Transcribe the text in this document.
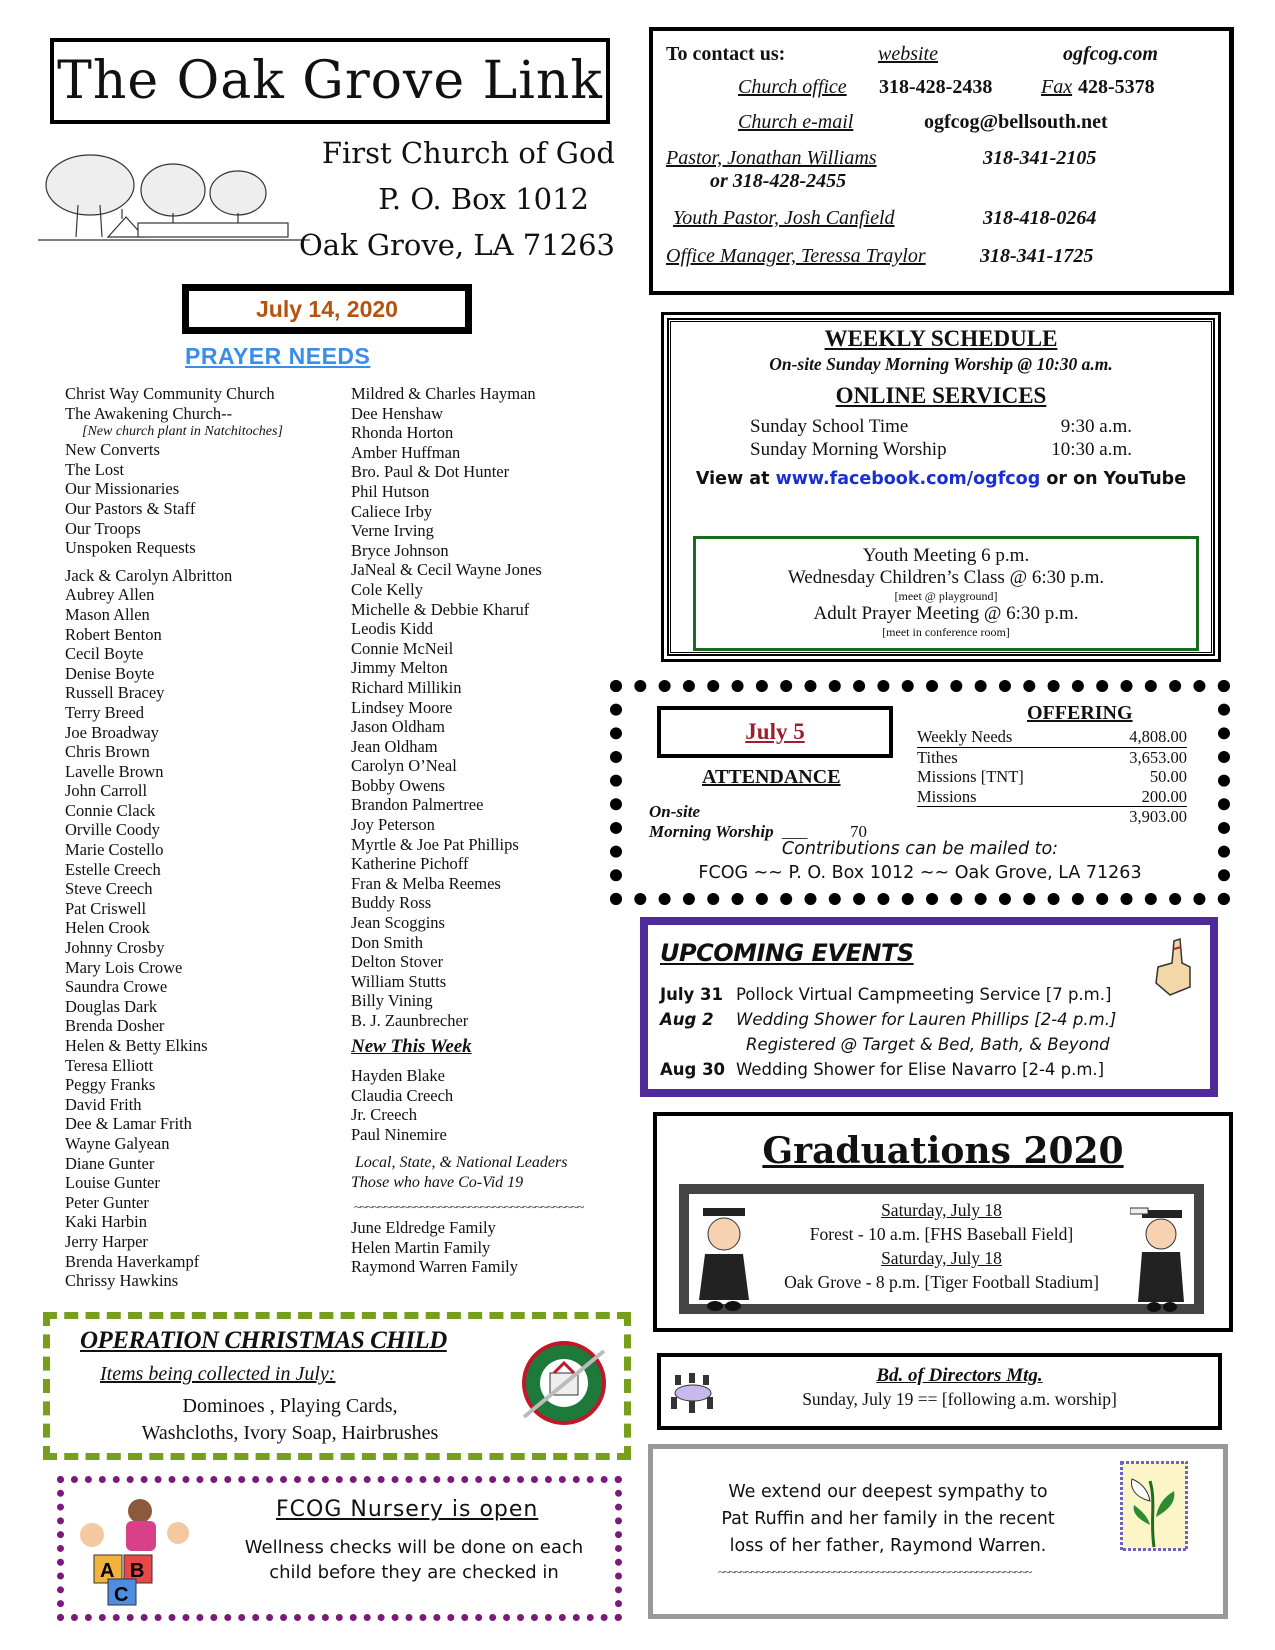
The Oak Grove Link
First Church of God
P. O. Box 1012
Oak Grove, LA 71263
July 14, 2020
PRAYER NEEDS
Christ Way Community Church
The Awakening Church--
[New church plant in Natchitoches]
New Converts
The Lost
Our Missionaries
Our Pastors & Staff
Our Troops
Unspoken Requests
Jack & Carolyn Albritton
Aubrey Allen
Mason Allen
Robert Benton
Cecil Boyte
Denise Boyte
Russell Bracey
Terry Breed
Joe Broadway
Chris Brown
Lavelle Brown
John Carroll
Connie Clack
Orville Coody
Marie Costello
Estelle Creech
Steve Creech
Pat Criswell
Helen Crook
Johnny Crosby
Mary Lois Crowe
Saundra Crowe
Douglas Dark
Brenda Dosher
Helen & Betty Elkins
Teresa Elliott
Peggy Franks
David Frith
Dee & Lamar Frith
Wayne Galyean
Diane Gunter
Louise Gunter
Peter Gunter
Kaki Harbin
Jerry Harper
Brenda Haverkampf
Chrissy Hawkins
Mildred & Charles Hayman
Dee Henshaw
Rhonda Horton
Amber Huffman
Bro. Paul & Dot Hunter
Phil Hutson
Caliece Irby
Verne Irving
Bryce Johnson
JaNeal & Cecil Wayne Jones
Cole Kelly
Michelle & Debbie Kharuf
Leodis Kidd
Connie McNeil
Jimmy Melton
Richard Millikin
Lindsey Moore
Jason Oldham
Jean Oldham
Carolyn O’Neal
Bobby Owens
Brandon Palmertree
Joy Peterson
Myrtle & Joe Pat Phillips
Katherine Pichoff
Fran & Melba Reemes
Buddy Ross
Jean Scoggins
Don Smith
Delton Stover
William Stutts
Billy Vining
B. J. Zaunbrecher
New This Week
Hayden Blake
Claudia Creech
Jr. Creech
Paul Ninemire
Local, State, & National Leaders
Those who have Co-Vid 19
~~~~~~~~~~~~~~~~~~~~~~~~~~~~~~~~~~~~~~
June Eldredge Family
Helen Martin Family
Raymond Warren Family
To contact us:	website	ogfcog.com
Church office 318-428-2438 Fax 428-5378
Church e-mail	ogfcog@bellsouth.net
Pastor, Jonathan Williams	318-341-2105
or 318-428-2455
Youth Pastor, Josh Canfield	318-418-0264
Office Manager, Teressa Traylor	318-341-1725
WEEKLY SCHEDULE
On-site Sunday Morning Worship @ 10:30 a.m.
ONLINE SERVICES
Sunday School Time	9:30 a.m.
Sunday Morning Worship	10:30 a.m.
View at www.facebook.com/ogfcog or on YouTube
Youth Meeting 6 p.m.
Wednesday Children’s Class @ 6:30 p.m.
[meet @ playground]
Adult Prayer Meeting @ 6:30 p.m.
[meet in conference room]
July 5
ATTENDANCE
On-site
Morning Worship ___	70
OFFERING
Weekly Needs	4,808.00
Tithes	3,653.00
Missions [TNT]	50.00
Missions	200.00
3,903.00
Contributions can be mailed to:
FCOG ~~ P. O. Box 1012 ~~ Oak Grove, LA 71263
UPCOMING EVENTS
July 31 Pollock Virtual Campmeeting Service [7 p.m.]
Aug 2 Wedding Shower for Lauren Phillips [2-4 p.m.]
Registered @ Target & Bed, Bath, & Beyond
Aug 30 Wedding Shower for Elise Navarro [2-4 p.m.]
Graduations 2020
Saturday, July 18
Forest - 10 a.m. [FHS Baseball Field]
Saturday, July 18
Oak Grove - 8 p.m. [Tiger Football Stadium]
Bd. of Directors Mtg.
Sunday, July 19 == [following a.m. worship]
We extend our deepest sympathy to
Pat Ruffin and her family in the recent
loss of her father, Raymond Warren.
~~~~~~~~~~~~~~~~~~~~~~~~~~~~~~~~~~~~~~~~~~~~~~~~~~~~~~~~~
OPERATION CHRISTMAS CHILD
Items being collected in July:
Dominoes , Playing Cards,
Washcloths, Ivory Soap, Hairbrushes
A B
C
FCOG Nursery is open
Wellness checks will be done on each
child before they are checked in
